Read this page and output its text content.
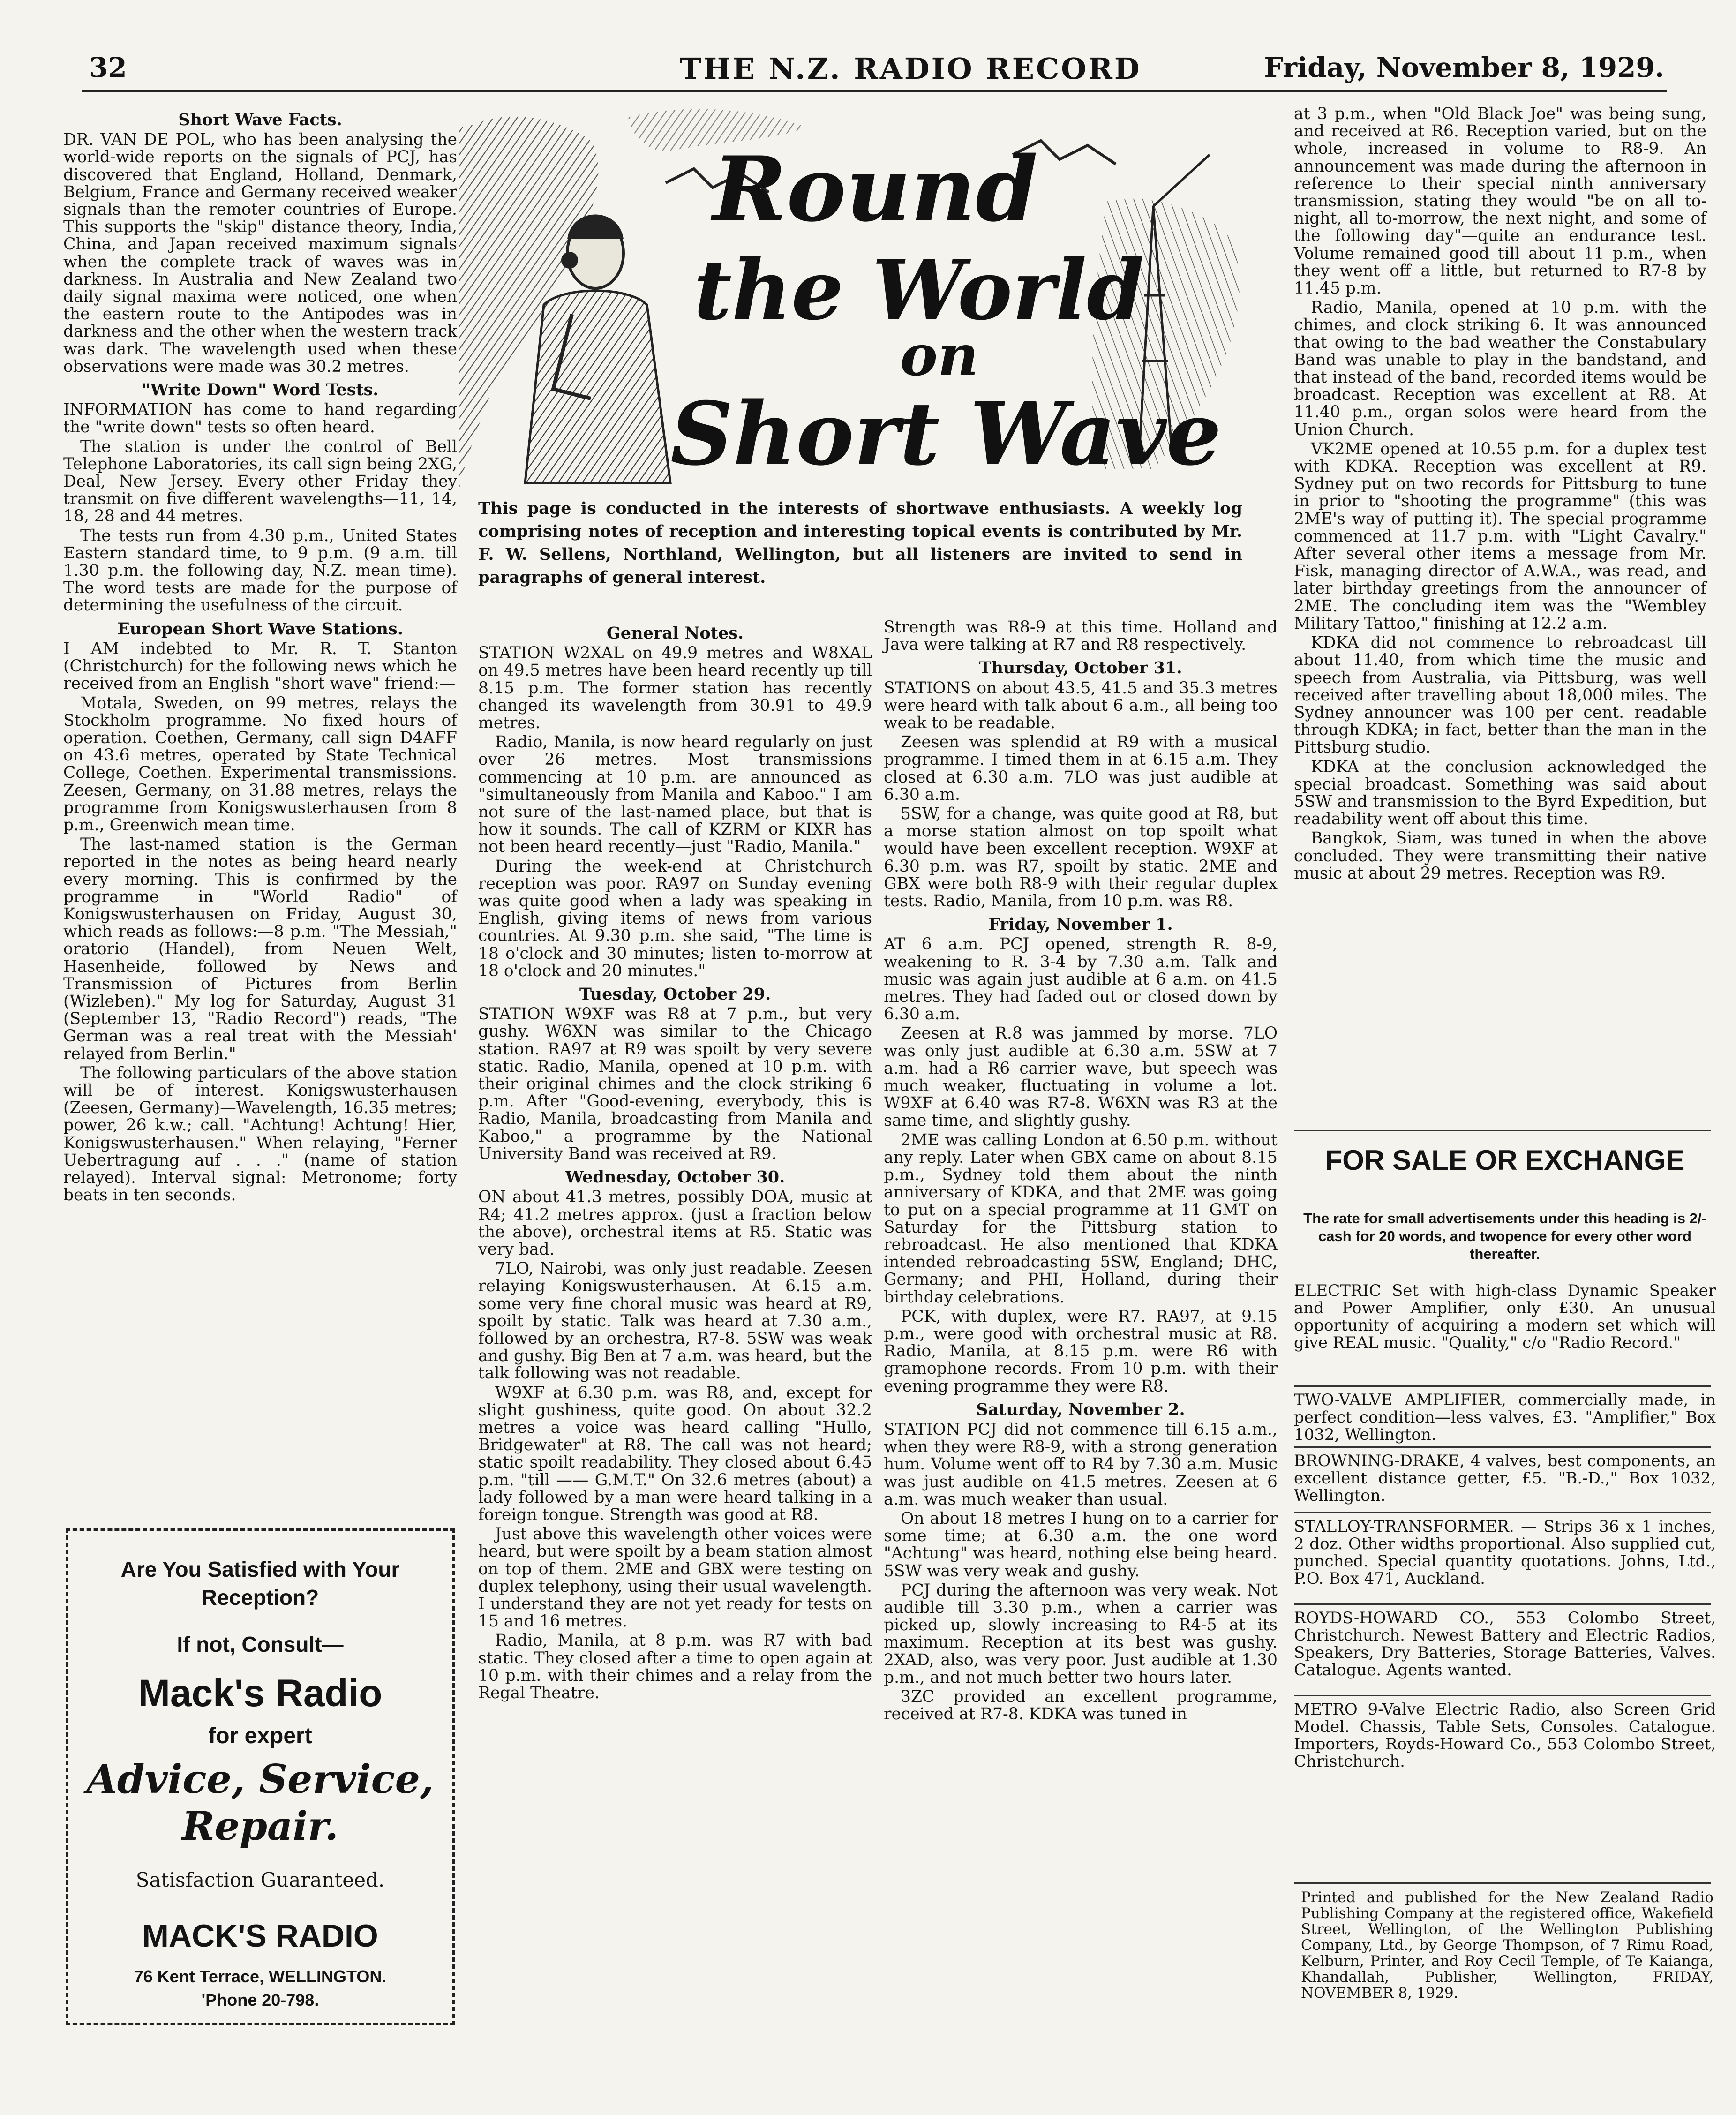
32	THE N.Z. RADIO RECORD	Friday, November 8, 1929.
Round
the World
on
Short Wave
This page is conducted in the interests of shortwave enthusiasts. A weekly log comprising notes of reception and interesting topical events is contributed by Mr. F. W. Sellens, Northland, Wellington, but all listeners are invited to send in paragraphs of general interest.
Short Wave Facts.

DR. VAN DE POL, who has been analysing the world-wide reports on the signals of PCJ, has discovered that England, Holland, Denmark, Belgium, France and Germany received weaker signals than the remoter countries of Europe. This supports the "skip" distance theory, India, China, and Japan received maximum signals when the complete track of waves was in darkness. In Australia and New Zealand two daily signal maxima were noticed, one when the eastern route to the Antipodes was in darkness and the other when the western track was dark. The wavelength used when these observations were made was 30.2 metres.

"Write Down" Word Tests.

INFORMATION has come to hand regarding the "write down" tests so often heard.

The station is under the control of Bell Telephone Laboratories, its call sign being 2XG, Deal, New Jersey. Every other Friday they transmit on five different wavelengths—11, 14, 18, 28 and 44 metres.

The tests run from 4.30 p.m., United States Eastern standard time, to 9 p.m. (9 a.m. till 1.30 p.m. the following day, N.Z. mean time). The word tests are made for the purpose of determining the usefulness of the circuit.

European Short Wave Stations.

I AM indebted to Mr. R. T. Stanton (Christchurch) for the following news which he received from an English "short wave" friend:—

Motala, Sweden, on 99 metres, relays the Stockholm programme. No fixed hours of operation. Coethen, Germany, call sign D4AFF on 43.6 metres, operated by State Technical College, Coethen. Experimental transmissions. Zeesen, Germany, on 31.88 metres, relays the programme from Konigswusterhausen from 8 p.m., Greenwich mean time.

The last-named station is the German reported in the notes as being heard nearly every morning. This is confirmed by the programme in "World Radio" of Konigswusterhausen on Friday, August 30, which reads as follows:—8 p.m. "The Messiah," oratorio (Handel), from Neuen Welt, Hasenheide, followed by News and Transmission of Pictures from Berlin (Wizleben)." My log for Saturday, August 31 (September 13, "Radio Record") reads, "The German was a real treat with the Messiah' relayed from Berlin."

The following particulars of the above station will be of interest. Konigswusterhausen (Zeesen, Germany)—Wavelength, 16.35 metres; power, 26 k.w.; call. "Achtung! Achtung! Hier, Konigswusterhausen." When relaying, "Ferner Uebertragung auf . . ." (name of station relayed). Interval signal: Metronome; forty beats in ten seconds.

Are You Satisfied with Your
Reception?
If not, Consult—
Mack's Radio
for expert
Advice, Service,
Repair.
Satisfaction Guaranteed.
MACK'S RADIO
76 Kent Terrace, WELLINGTON.
'Phone 20-798.
General Notes.

STATION W2XAL on 49.9 metres and W8XAL on 49.5 metres have been heard recently up till 8.15 p.m. The former station has recently changed its wavelength from 30.91 to 49.9 metres.

Radio, Manila, is now heard regularly on just over 26 metres. Most transmissions commencing at 10 p.m. are announced as "simultaneously from Manila and Kaboo." I am not sure of the last-named place, but that is how it sounds. The call of KZRM or KIXR has not been heard recently—just "Radio, Manila."

During the week-end at Christchurch reception was poor. RA97 on Sunday evening was quite good when a lady was speaking in English, giving items of news from various countries. At 9.30 p.m. she said, "The time is 18 o'clock and 30 minutes; listen to-morrow at 18 o'clock and 20 minutes."

Tuesday, October 29.

STATION W9XF was R8 at 7 p.m., but very gushy. W6XN was similar to the Chicago station. RA97 at R9 was spoilt by very severe static. Radio, Manila, opened at 10 p.m. with their original chimes and the clock striking 6 p.m. After "Good-evening, everybody, this is Radio, Manila, broadcasting from Manila and Kaboo," a programme by the National University Band was received at R9.

Wednesday, October 30.

ON about 41.3 metres, possibly DOA, music at R4; 41.2 metres approx. (just a fraction below the above), orchestral items at R5. Static was very bad.

7LO, Nairobi, was only just readable. Zeesen relaying Konigswusterhausen. At 6.15 a.m. some very fine choral music was heard at R9, spoilt by static. Talk was heard at 7.30 a.m., followed by an orchestra, R7-8. 5SW was weak and gushy. Big Ben at 7 a.m. was heard, but the talk following was not readable.

W9XF at 6.30 p.m. was R8, and, except for slight gushiness, quite good. On about 32.2 metres a voice was heard calling "Hullo, Bridgewater" at R8. The call was not heard; static spoilt readability. They closed about 6.45 p.m. "till —— G.M.T." On 32.6 metres (about) a lady followed by a man were heard talking in a foreign tongue. Strength was good at R8.

Just above this wavelength other voices were heard, but were spoilt by a beam station almost on top of them. 2ME and GBX were testing on duplex telephony, using their usual wavelength. I understand they are not yet ready for tests on 15 and 16 metres.

Radio, Manila, at 8 p.m. was R7 with bad static. They closed after a time to open again at 10 p.m. with their chimes and a relay from the Regal Theatre.

Strength was R8-9 at this time. Holland and Java were talking at R7 and R8 respectively.

Thursday, October 31.

STATIONS on about 43.5, 41.5 and 35.3 metres were heard with talk about 6 a.m., all being too weak to be readable.

Zeesen was splendid at R9 with a musical programme. I timed them in at 6.15 a.m. They closed at 6.30 a.m. 7LO was just audible at 6.30 a.m.

5SW, for a change, was quite good at R8, but a morse station almost on top spoilt what would have been excellent reception. W9XF at 6.30 p.m. was R7, spoilt by static. 2ME and GBX were both R8-9 with their regular duplex tests. Radio, Manila, from 10 p.m. was R8.

Friday, November 1.

AT 6 a.m. PCJ opened, strength R. 8-9, weakening to R. 3-4 by 7.30 a.m. Talk and music was again just audible at 6 a.m. on 41.5 metres. They had faded out or closed down by 6.30 a.m.

Zeesen at R.8 was jammed by morse. 7LO was only just audible at 6.30 a.m. 5SW at 7 a.m. had a R6 carrier wave, but speech was much weaker, fluctuating in volume a lot. W9XF at 6.40 was R7-8. W6XN was R3 at the same time, and slightly gushy.

2ME was calling London at 6.50 p.m. without any reply. Later when GBX came on about 8.15 p.m., Sydney told them about the ninth anniversary of KDKA, and that 2ME was going to put on a special programme at 11 GMT on Saturday for the Pittsburg station to rebroadcast. He also mentioned that KDKA intended rebroadcasting 5SW, England; DHC, Germany; and PHI, Holland, during their birthday celebrations.

PCK, with duplex, were R7. RA97, at 9.15 p.m., were good with orchestral music at R8. Radio, Manila, at 8.15 p.m. were R6 with gramophone records. From 10 p.m. with their evening programme they were R8.

Saturday, November 2.

STATION PCJ did not commence till 6.15 a.m., when they were R8-9, with a strong generation hum. Volume went off to R4 by 7.30 a.m. Music was just audible on 41.5 metres. Zeesen at 6 a.m. was much weaker than usual.

On about 18 metres I hung on to a carrier for some time; at 6.30 a.m. the one word "Achtung" was heard, nothing else being heard. 5SW was very weak and gushy.

PCJ during the afternoon was very weak. Not audible till 3.30 p.m., when a carrier was picked up, slowly increasing to R4-5 at its maximum. Reception at its best was gushy. 2XAD, also, was very poor. Just audible at 1.30 p.m., and not much better two hours later.

3ZC provided an excellent programme, received at R7-8. KDKA was tuned in

at 3 p.m., when "Old Black Joe" was being sung, and received at R6. Reception varied, but on the whole, increased in volume to R8-9. An announcement was made during the afternoon in reference to their special ninth anniversary transmission, stating they would "be on all to-night, all to-morrow, the next night, and some of the following day"—quite an endurance test. Volume remained good till about 11 p.m., when they went off a little, but returned to R7-8 by 11.45 p.m.

Radio, Manila, opened at 10 p.m. with the chimes, and clock striking 6. It was announced that owing to the bad weather the Constabulary Band was unable to play in the bandstand, and that instead of the band, recorded items would be broadcast. Reception was excellent at R8. At 11.40 p.m., organ solos were heard from the Union Church.

VK2ME opened at 10.55 p.m. for a duplex test with KDKA. Reception was excellent at R9. Sydney put on two records for Pittsburg to tune in prior to "shooting the programme" (this was 2ME's way of putting it). The special programme commenced at 11.7 p.m. with "Light Cavalry." After several other items a message from Mr. Fisk, managing director of A.W.A., was read, and later birthday greetings from the announcer of 2ME. The concluding item was the "Wembley Military Tattoo," finishing at 12.2 a.m.

KDKA did not commence to rebroadcast till about 11.40, from which time the music and speech from Australia, via Pittsburg, was well received after travelling about 18,000 miles. The Sydney announcer was 100 per cent. readable through KDKA; in fact, better than the man in the Pittsburg studio.

KDKA at the conclusion acknowledged the special broadcast. Something was said about 5SW and transmission to the Byrd Expedition, but readability went off about this time.

Bangkok, Siam, was tuned in when the above concluded. They were transmitting their native music at about 29 metres. Reception was R9.

FOR SALE OR EXCHANGE
The rate for small advertisements under this heading is 2/- cash for 20 words, and twopence for every other word thereafter.
ELECTRIC Set with high-class Dynamic Speaker and Power Amplifier, only £30. An unusual opportunity of acquiring a modern set which will give REAL music. "Quality," c/o "Radio Record."
TWO-VALVE AMPLIFIER, commercially made, in perfect condition—less valves, £3. "Amplifier," Box 1032, Wellington.
BROWNING-DRAKE, 4 valves, best components, an excellent distance getter, £5. "B.-D.," Box 1032, Wellington.
STALLOY-TRANSFORMER. — Strips 36 x 1 inches, 2 doz. Other widths proportional. Also supplied cut, punched. Special quantity quotations. Johns, Ltd., P.O. Box 471, Auckland.
ROYDS-HOWARD CO., 553 Colombo Street, Christchurch. Newest Battery and Electric Radios, Speakers, Dry Batteries, Storage Batteries, Valves. Catalogue. Agents wanted.
METRO 9-Valve Electric Radio, also Screen Grid Model. Chassis, Table Sets, Consoles. Catalogue. Importers, Royds-Howard Co., 553 Colombo Street, Christchurch.
Printed and published for the New Zealand Radio Publishing Company at the registered office, Wakefield Street, Wellington, of the Wellington Publishing Company, Ltd., by George Thompson, of 7 Rimu Road, Kelburn, Printer, and Roy Cecil Temple, of Te Kaianga, Khandallah, Publisher, Wellington, FRIDAY, NOVEMBER 8, 1929.
